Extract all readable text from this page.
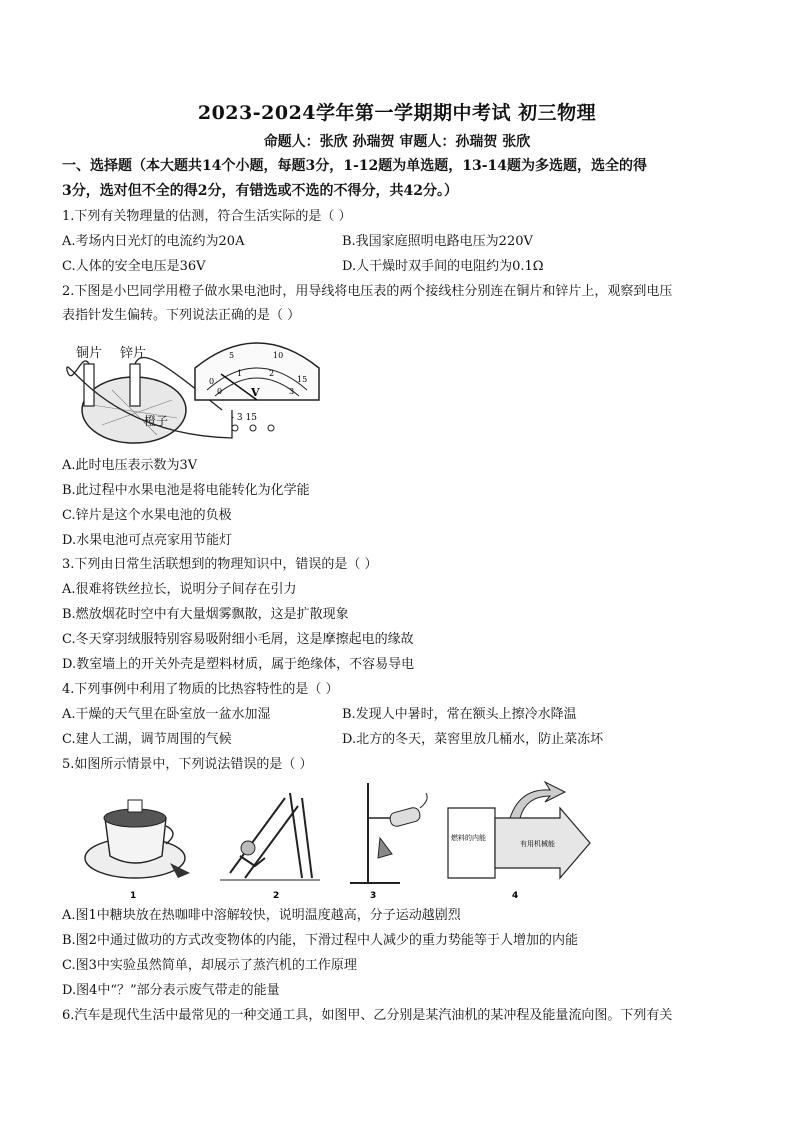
2023-2024学年第一学期期中考试 初三物理
命题人：张欣 孙瑞贺 审题人：孙瑞贺 张欣
一、选择题（本大题共14个小题，每题3分，1-12题为单选题，13-14题为多选题，选全的得
3分，选对但不全的得2分，有错选或不选的不得分，共42分。）
1.下列有关物理量的估测，符合生活实际的是（ ）
A.考场内日光灯的电流约为20A	B.我国家庭照明电路电压为220V
C.人体的安全电压是36V	D.人干燥时双手间的电阻约为0.1Ω
2.下图是小巴同学用橙子做水果电池时，用导线将电压表的两个接线柱分别连在铜片和锌片上，观察到电压
表指针发生偏转。下列说法正确的是（ ）
铜片 锌片
橙子
0
5	10
15
0
1	2
3
V
- 3 15
A.此时电压表示数为3V
B.此过程中水果电池是将电能转化为化学能
C.锌片是这个水果电池的负极
D.水果电池可点亮家用节能灯
3.下列由日常生活联想到的物理知识中，错误的是（ ）
A.很难将铁丝拉长，说明分子间存在引力
B.燃放烟花时空中有大量烟雾飘散，这是扩散现象
C.冬天穿羽绒服特别容易吸附细小毛屑，这是摩擦起电的缘故
D.教室墙上的开关外壳是塑料材质，属于绝缘体，不容易导电
4.下列事例中利用了物质的比热容特性的是（ ）
A.干燥的天气里在卧室放一盆水加湿	B.发现人中暑时，常在额头上擦冷水降温
C.建人工湖，调节周围的气候	D.北方的冬天，菜窖里放几桶水，防止菜冻坏
5.如图所示情景中，下列说法错误的是（ ）
1	2	3
燃料的内能
有用机械能
4
A.图1中糖块放在热咖啡中溶解较快，说明温度越高，分子运动越剧烈
B.图2中通过做功的方式改变物体的内能，下滑过程中人减少的重力势能等于人增加的内能
C.图3中实验虽然简单，却展示了蒸汽机的工作原理
D.图4中“？”部分表示废气带走的能量
6.汽车是现代生活中最常见的一种交通工具，如图甲、乙分别是某汽油机的某冲程及能量流向图。下列有关
